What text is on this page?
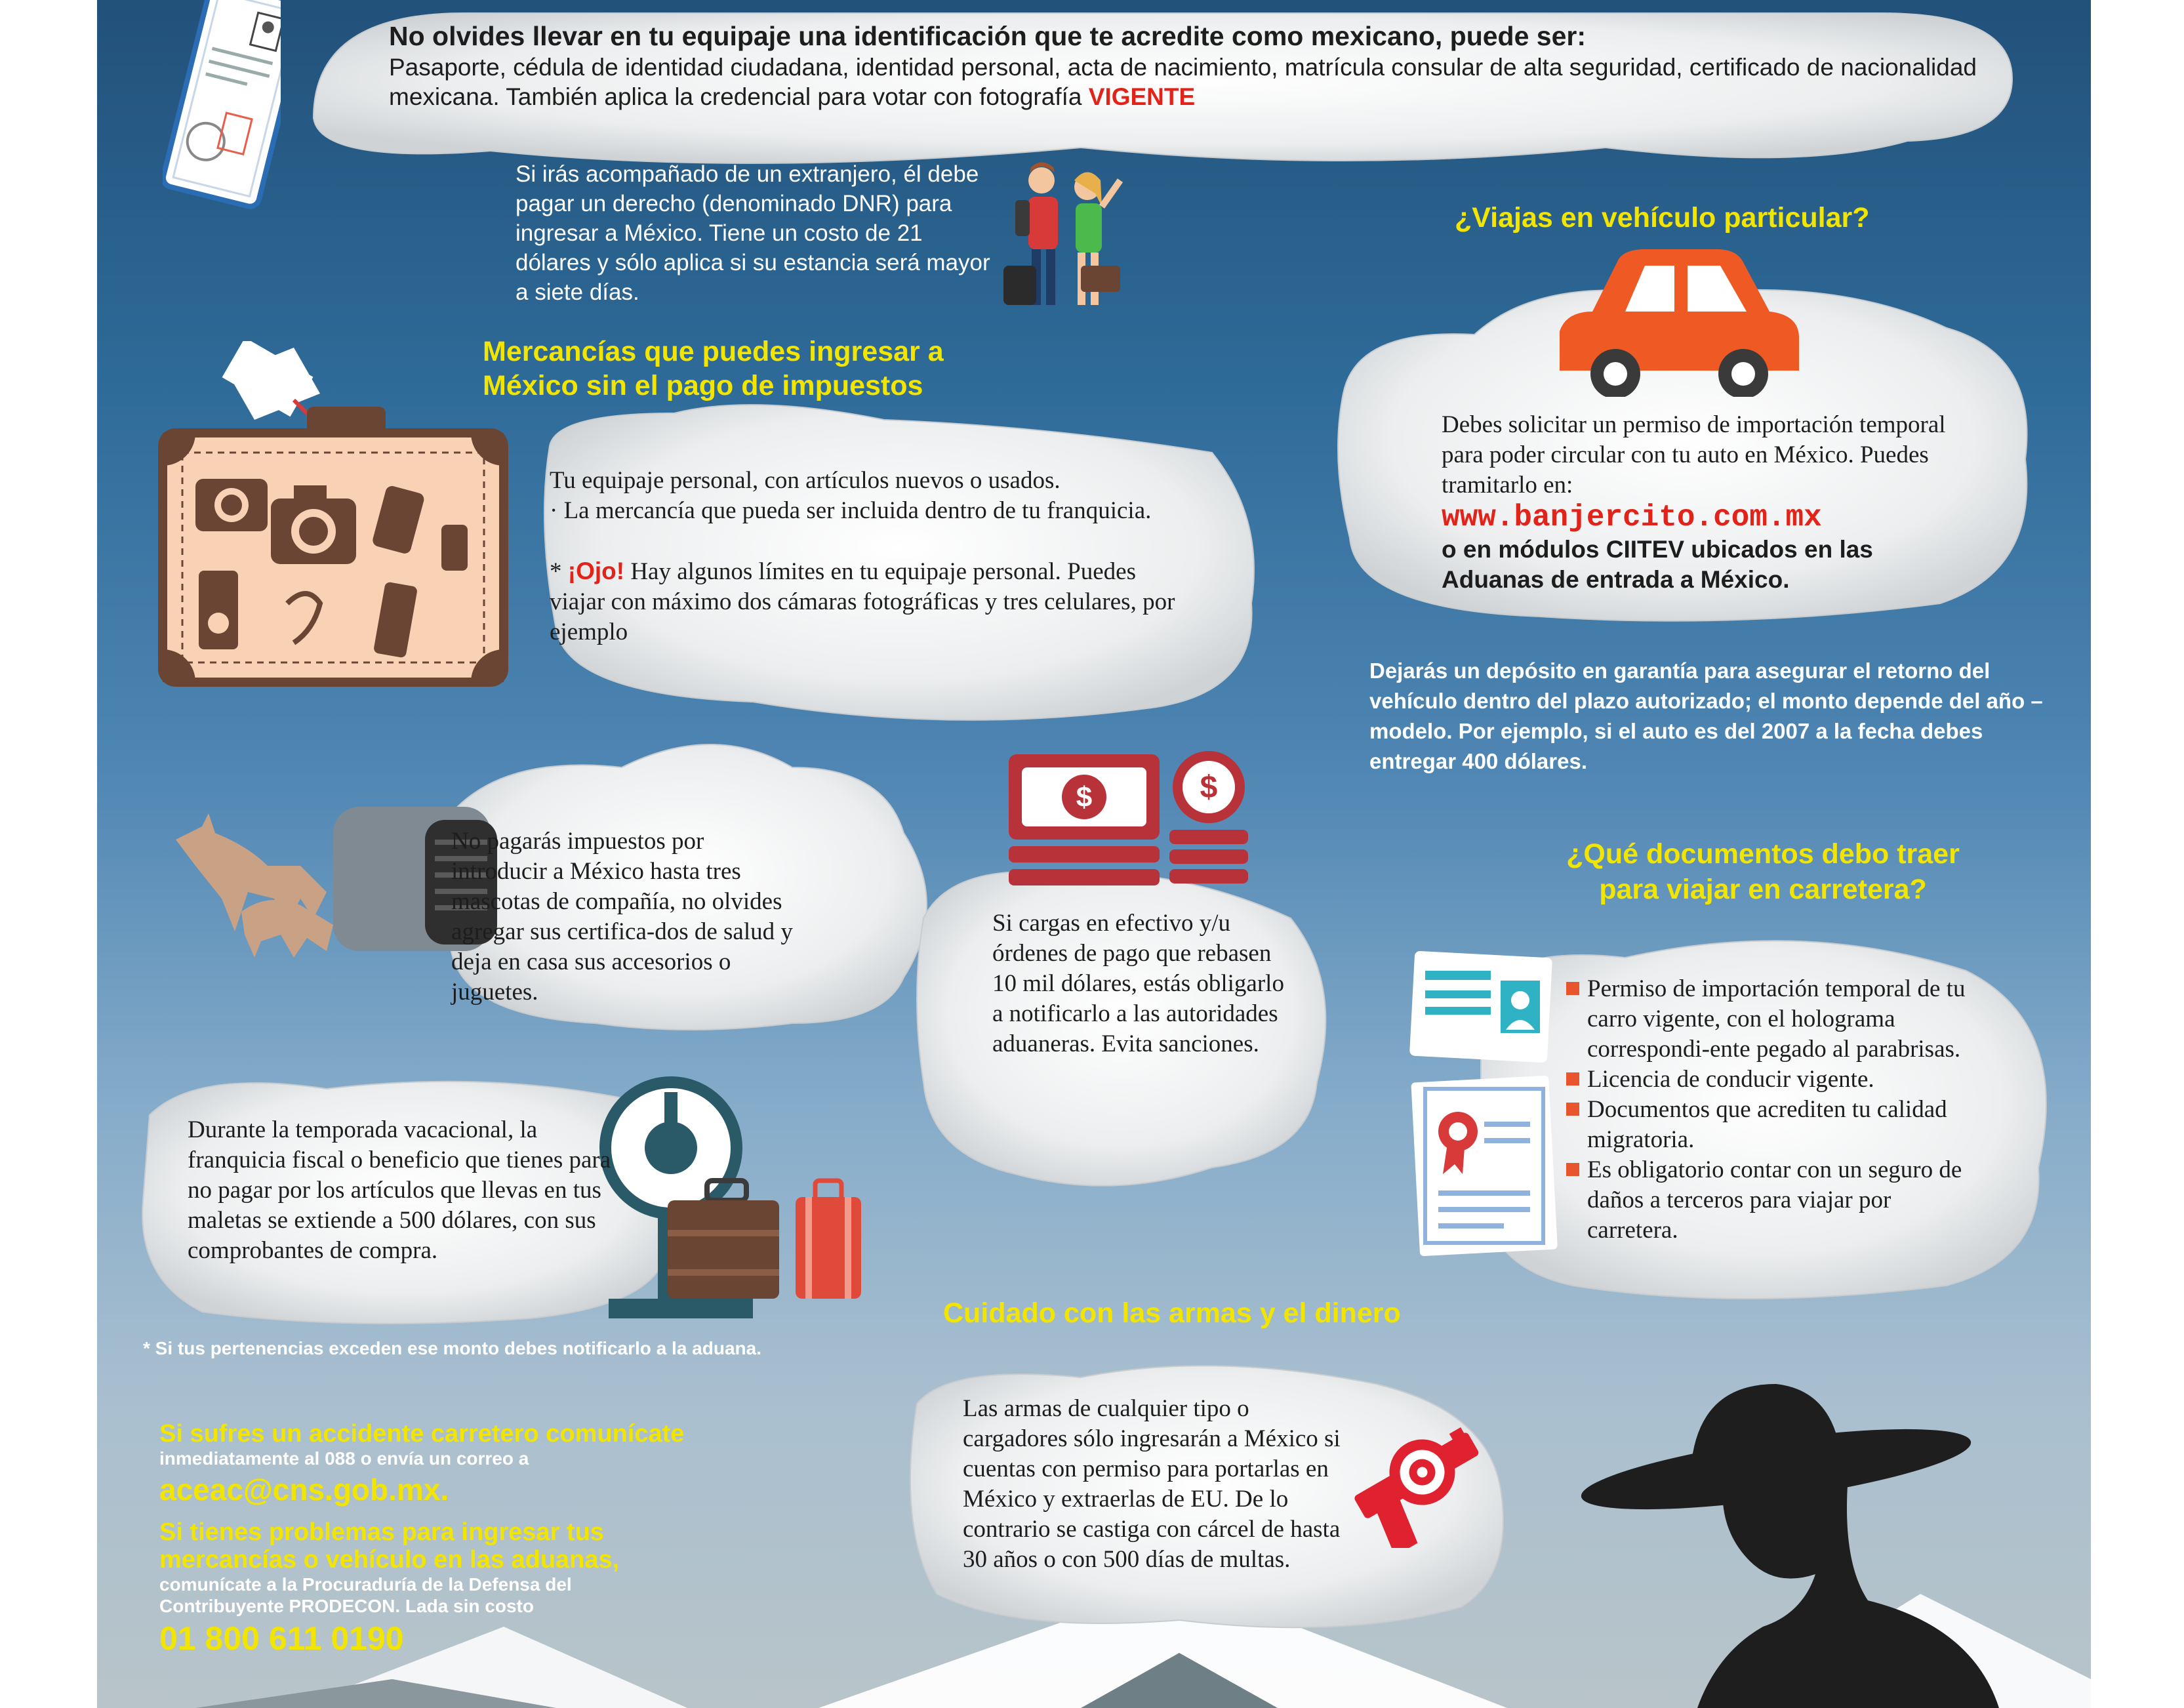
$	$

No olvides llevar en tu equipaje una identificación que te acredite como mexicano, puede ser:

Pasaporte, cédula de identidad ciudadana, identidad personal, acta de nacimiento, matrícula consular de alta seguridad, certificado de nacionalidad mexicana. También aplica la credencial para votar con fotografía VIGENTE

Si irás acompañado de un extranjero, él debe pagar un derecho (denominado DNR) para ingresar a México. Tiene un costo de 21 dólares y sólo aplica si su estancia será mayor a siete días.

Mercancías que puedes ingresar a México sin el pago de impuestos

Tu equipaje personal, con artículos nuevos o usados.
· La mercancía que pueda ser incluida dentro de tu franquicia.
* ¡Ojo! Hay algunos límites en tu equipaje personal. Puedes viajar con máximo dos cámaras fotográficas y tres celulares, por ejemplo

No pagarás impuestos por introducir a México hasta tres mascotas de compañía, no olvides agregar sus certifica-dos de salud y deja en casa sus accesorios o juguetes.

Durante la temporada vacacional, la franquicia fiscal o beneficio que tienes para no pagar por los artículos que llevas en tus maletas se extiende a 500 dólares, con sus comprobantes de compra.

* Si tus pertenencias exceden ese monto debes notificarlo a la aduana.

Si cargas en efectivo y/u órdenes de pago que rebasen 10 mil dólares, estás obligarlo a notificarlo a las autoridades aduaneras. Evita sanciones.

¿Viajas en vehículo particular?

Debes solicitar un permiso de importación temporal para poder circular con tu auto en México. Puedes tramitarlo en:
www.banjercito.com.mx
o en módulos CIITEV ubicados en las Aduanas de entrada a México.

Dejarás un depósito en garantía para asegurar el retorno del vehículo dentro del plazo autorizado; el monto depende del año – modelo. Por ejemplo, si el auto es del 2007 a la fecha debes entregar 400 dólares.

¿Qué documentos debo traer para viajar en carretera?

Permiso de importación temporal de tu carro vigente, con el holograma correspondi-ente pegado al parabrisas.
Licencia de conducir vigente.
Documentos que acrediten tu calidad migratoria.
Es obligatorio contar con un seguro de daños a terceros para viajar por carretera.

Cuidado con las armas y el dinero

Las armas de cualquier tipo o cargadores sólo ingresarán a México si cuentas con permiso para portarlas en México y extraerlas de EU. De lo contrario se castiga con cárcel de hasta 30 años o con 500 días de multas.

Si sufres un accidente carretero comunícate
inmediatamente al 088 o envía un correo a
aceac@cns.gob.mx.
Si tienes problemas para ingresar tus mercancías o vehículo en las aduanas,
comunícate a la Procuraduría de la Defensa del Contribuyente PRODECON. Lada sin costo
01 800 611 0190
